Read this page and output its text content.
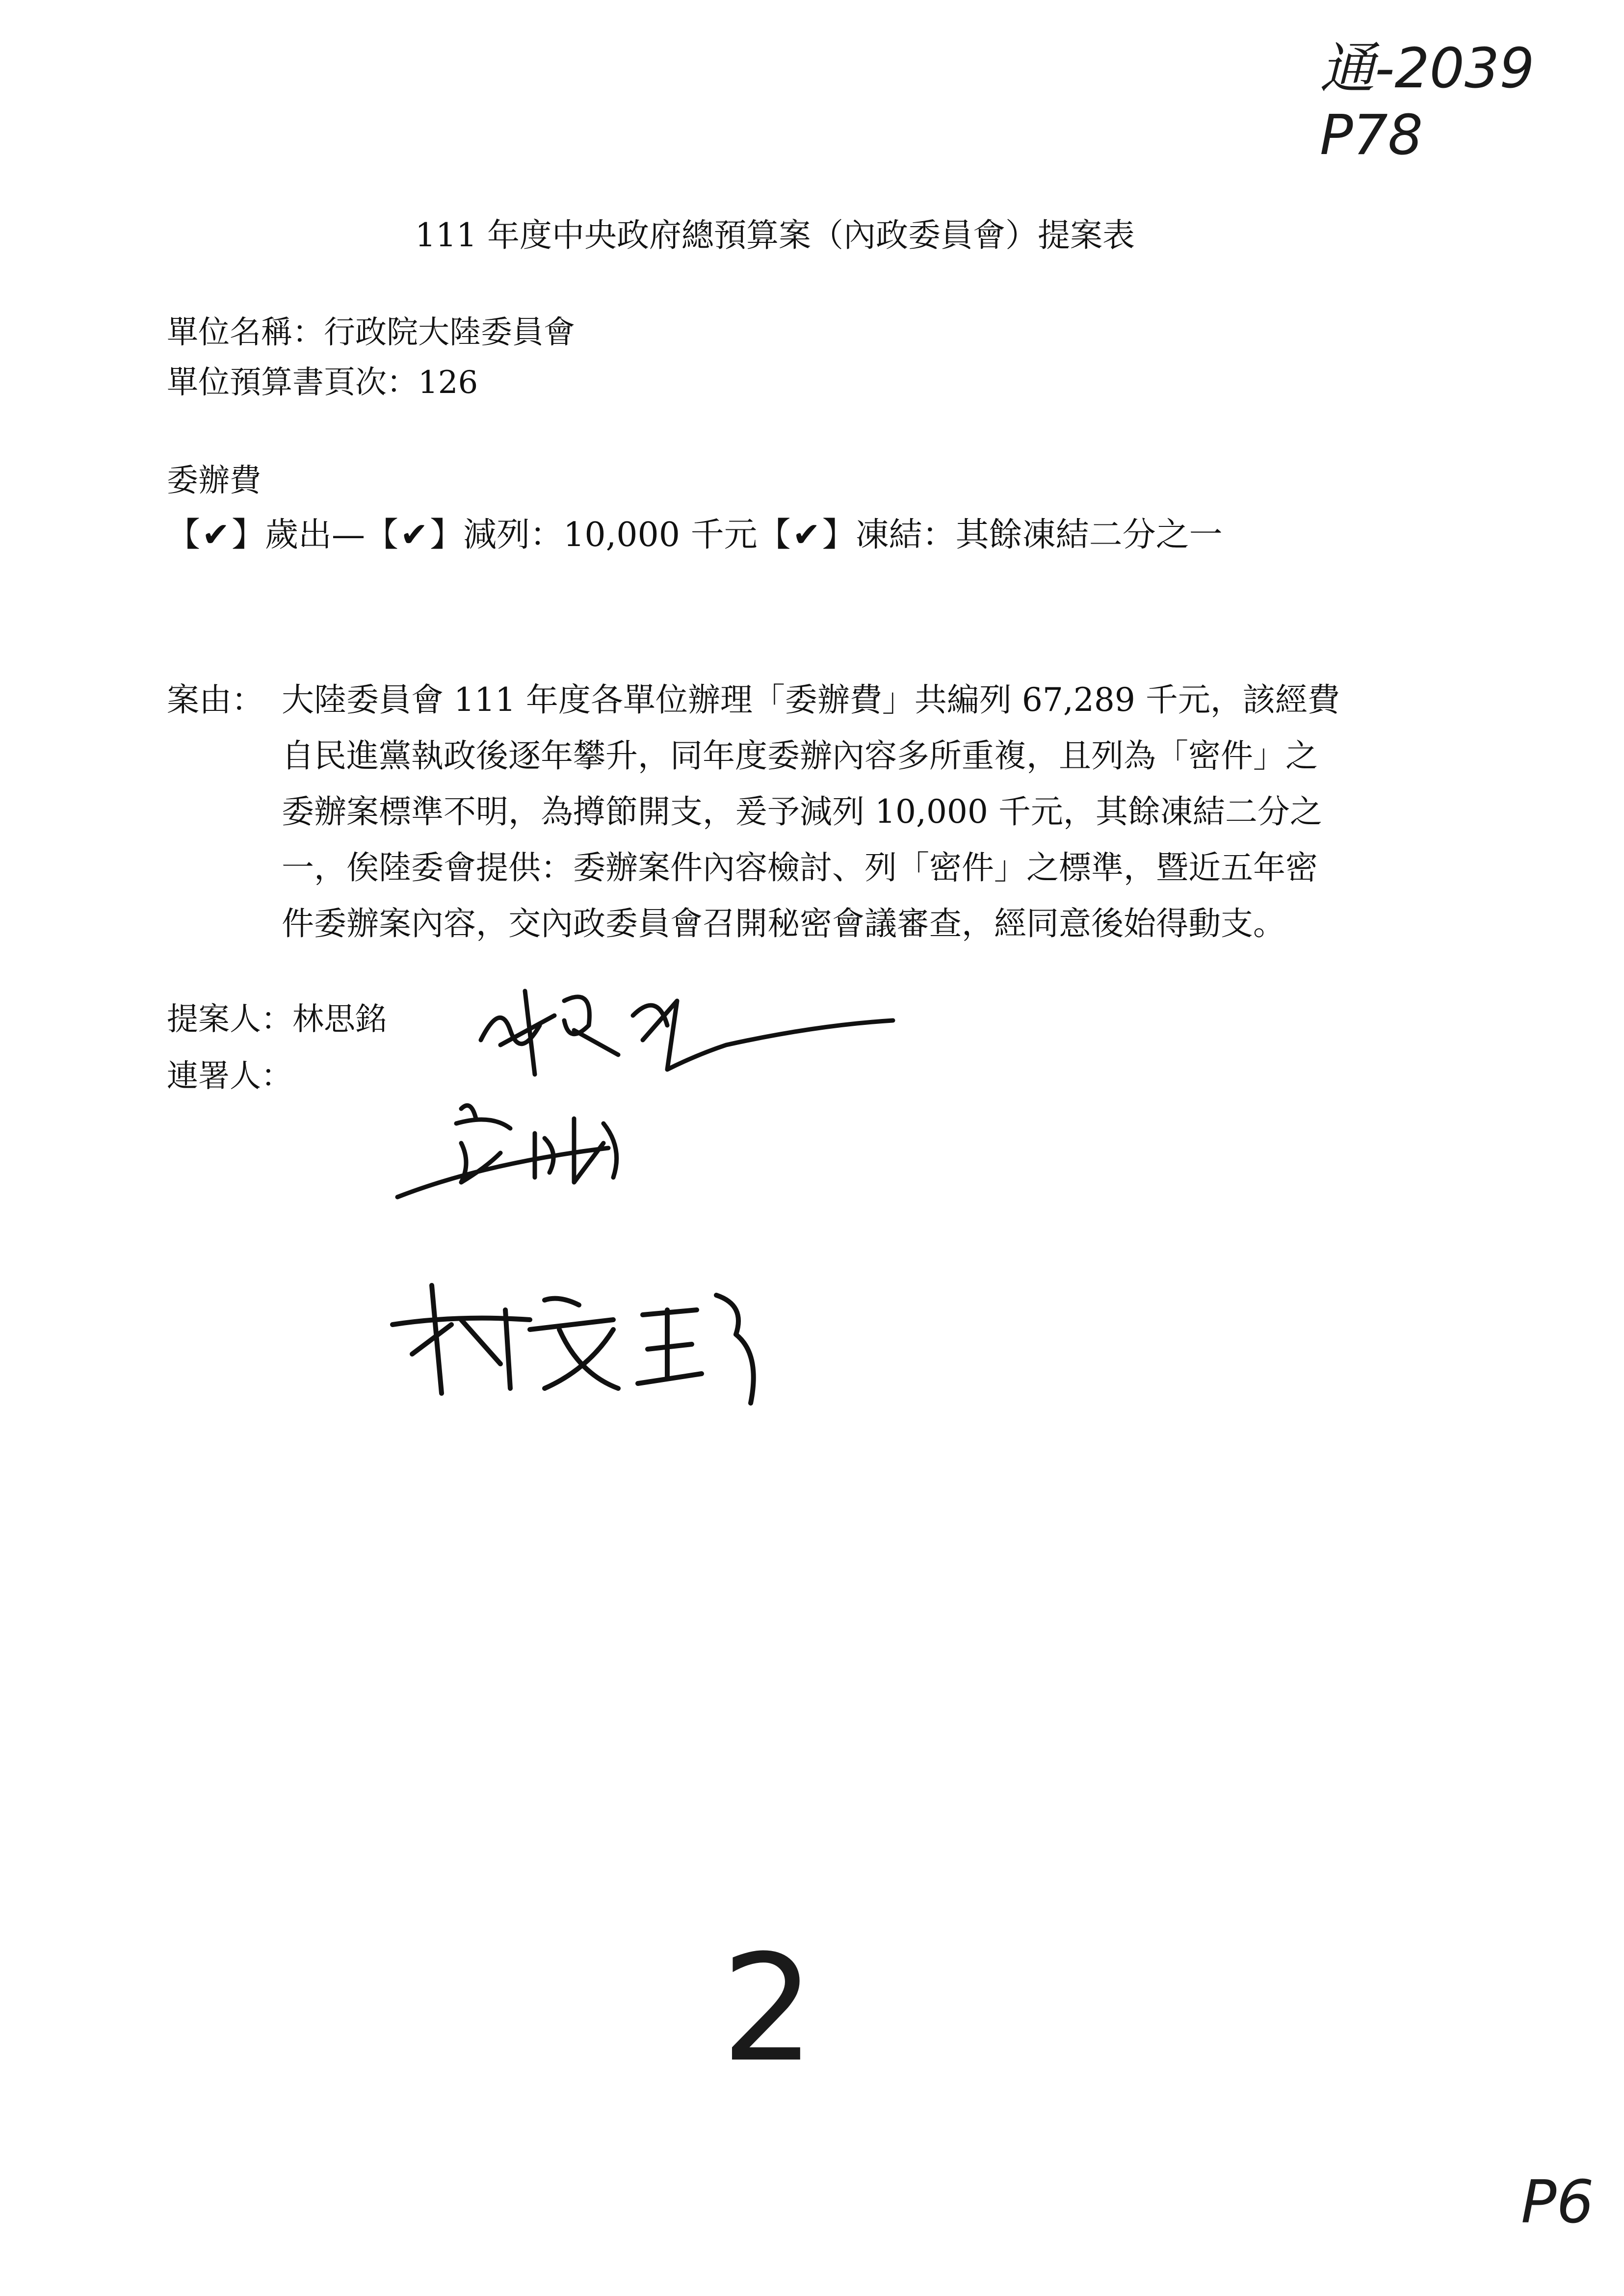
通-2039 P78
111 年度中央政府總預算案（內政委員會）提案表
單位名稱：行政院大陸委員會
單位預算書頁次：126
委辦費
【✔】歲出—【✔】減列：10,000 千元【✔】凍結：其餘凍結二分之一
案由： 大陸委員會 111 年度各單位辦理「委辦費」共編列 67,289 千元，該經費
自民進黨執政後逐年攀升，同年度委辦內容多所重複，且列為「密件」之
委辦案標準不明，為撙節開支，爰予減列 10,000 千元，其餘凍結二分之
一，俟陸委會提供：委辦案件內容檢討、列「密件」之標準，暨近五年密
件委辦案內容，交內政委員會召開秘密會議審查，經同意後始得動支。
提案人：林思銘
連署人：
2
P6
